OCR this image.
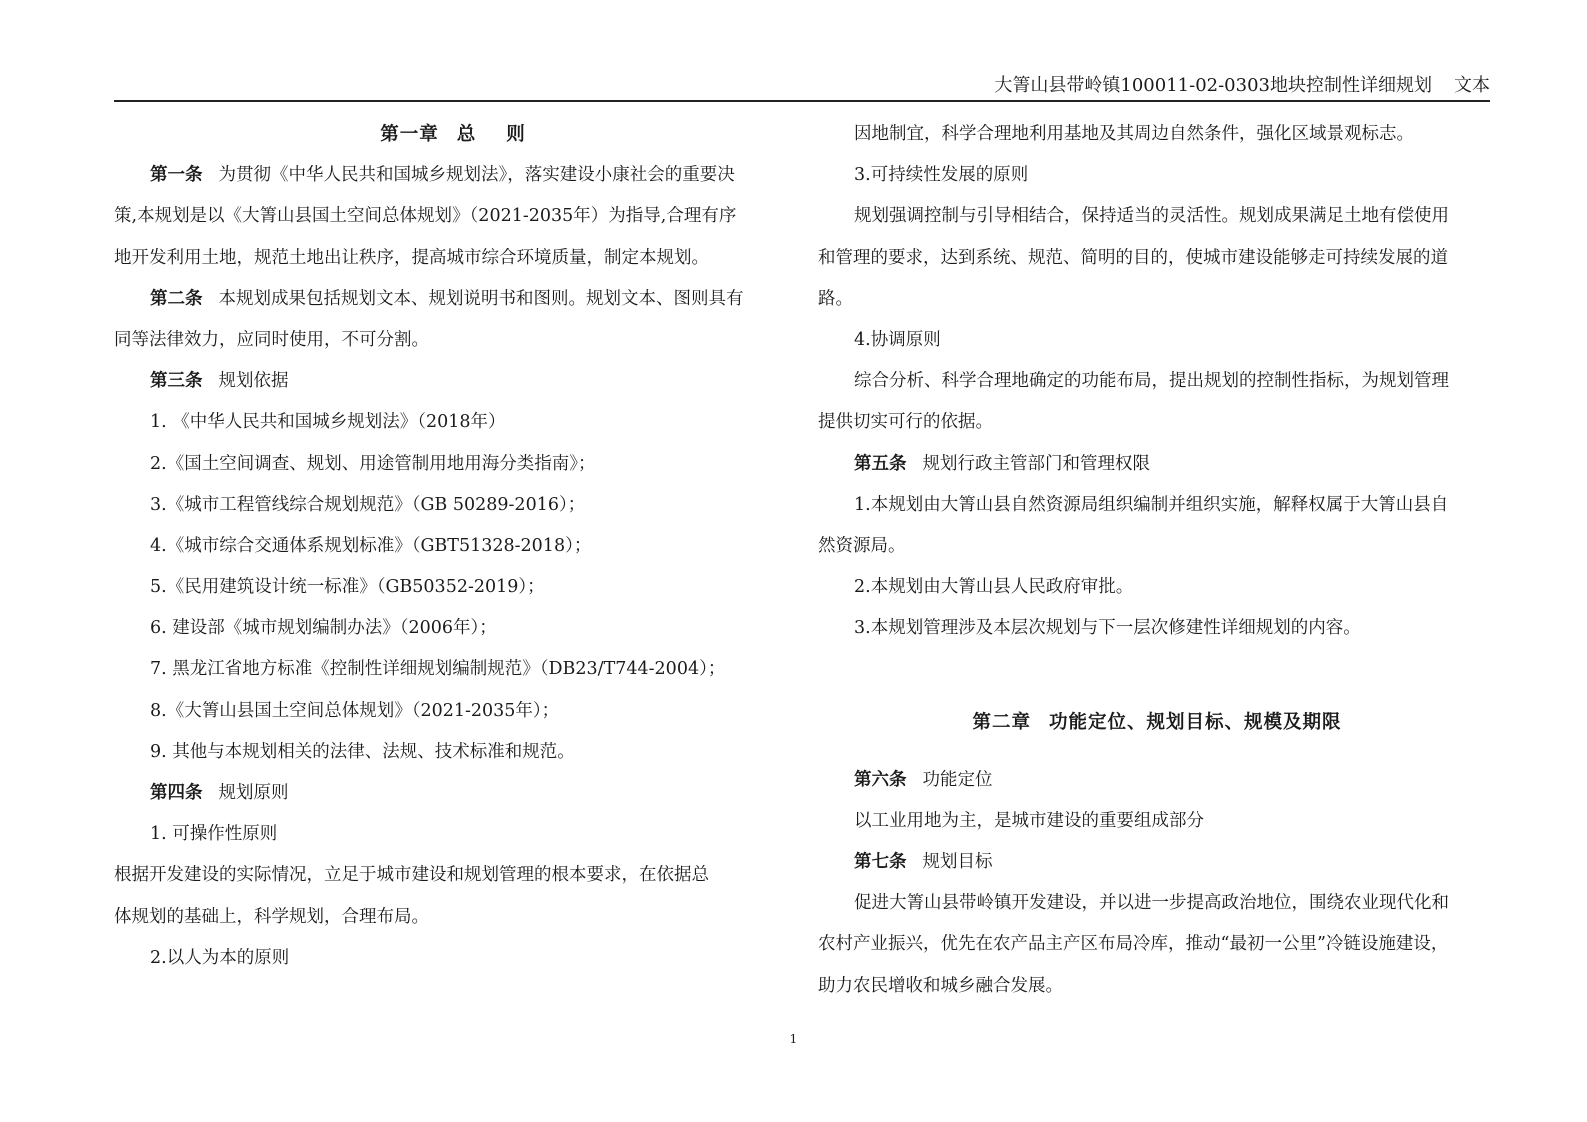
大箐山县带岭镇100011-02-0303地块控制性详细规划 文本
第一章 总 则
第一条 为贯彻《中华人民共和国城乡规划法》，落实建设小康社会的重要决
策,本规划是以《大箐山县国土空间总体规划》（2021-2035年）为指导,合理有序
地开发利用土地，规范土地出让秩序，提高城市综合环境质量，制定本规划。
第二条 本规划成果包括规划文本、规划说明书和图则。规划文本、图则具有
同等法律效力，应同时使用，不可分割。
第三条 规划依据
1. 《中华人民共和国城乡规划法》（2018年）
2.《国土空间调查、规划、用途管制用地用海分类指南》；
3.《城市工程管线综合规划规范》（GB 50289-2016）；
4.《城市综合交通体系规划标准》（GBT51328-2018）；
5.《民用建筑设计统一标准》（GB50352-2019）；
6. 建设部《城市规划编制办法》（2006年）；
7. 黑龙江省地方标准《控制性详细规划编制规范》（DB23/T744-2004）；
8.《大箐山县国土空间总体规划》（2021-2035年）；
9. 其他与本规划相关的法律、法规、技术标准和规范。
第四条 规划原则
1. 可操作性原则
根据开发建设的实际情况，立足于城市建设和规划管理的根本要求，在依据总
体规划的基础上，科学规划，合理布局。
2.以人为本的原则
因地制宜，科学合理地利用基地及其周边自然条件，强化区域景观标志。
3.可持续性发展的原则
规划强调控制与引导相结合，保持适当的灵活性。规划成果满足土地有偿使用
和管理的要求，达到系统、规范、简明的目的，使城市建设能够走可持续发展的道
路。
4.协调原则
综合分析、科学合理地确定的功能布局，提出规划的控制性指标，为规划管理
提供切实可行的依据。
第五条 规划行政主管部门和管理权限
1.本规划由大箐山县自然资源局组织编制并组织实施，解释权属于大箐山县自
然资源局。
2.本规划由大箐山县人民政府审批。
3.本规划管理涉及本层次规划与下一层次修建性详细规划的内容。
第二章 功能定位、规划目标、规模及期限
第六条 功能定位
以工业用地为主，是城市建设的重要组成部分
第七条 规划目标
促进大箐山县带岭镇开发建设，并以进一步提高政治地位，围绕农业现代化和
农村产业振兴，优先在农产品主产区布局冷库，推动“最初一公里”冷链设施建设，
助力农民增收和城乡融合发展。
1
